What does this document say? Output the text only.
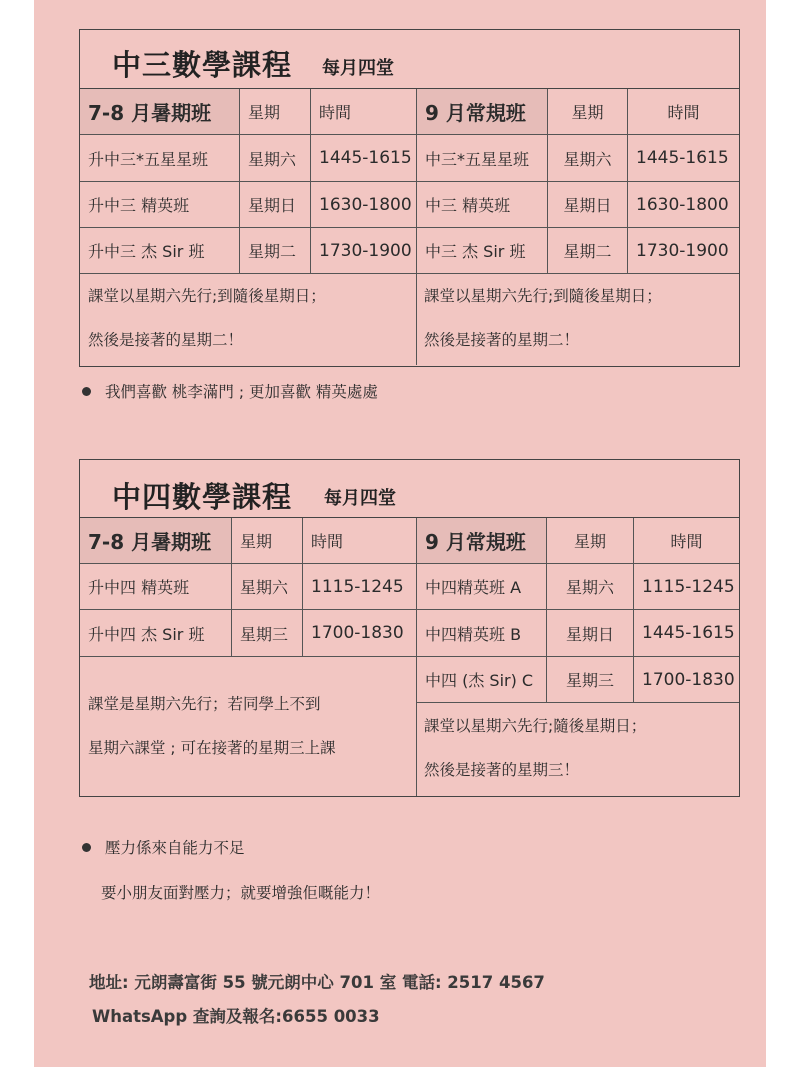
中三數學課程 每月四堂
7-8 月暑期班	星期	時間	9 月常規班	星期	時間
升中三*五星星班	星期六	1445-1615 中三*五星星班	星期六	1445-1615
升中三 精英班	星期日	1630-1800 中三 精英班	星期日	1630-1800
升中三 杰 Sir 班	星期二	1730-1900 中三 杰 Sir 班	星期二	1730-1900
課堂以星期六先行;到隨後星期日；
然後是接著的星期二！
課堂以星期六先行;到隨後星期日；
然後是接著的星期二！
我們喜歡 桃李滿門 ; 更加喜歡 精英處處
中四數學課程 每月四堂
7-8 月暑期班	星期	時間	9 月常規班	星期	時間
升中四 精英班	星期六	1115-1245	中四精英班 A	星期六	1115-1245
升中四 杰 Sir 班	星期三	1700-1830	中四精英班 B	星期日	1445-1615
中四 (杰 Sir) C	星期三	1700-1830
課堂是星期六先行；若同學上不到
星期六課堂 ; 可在接著的星期三上課
課堂以星期六先行;隨後星期日；
然後是接著的星期三！
壓力係來自能力不足
要小朋友面對壓力；就要增強佢嘅能力！
地址: 元朗壽富街 55 號元朗中心 701 室 電話: 2517 4567
WhatsApp 查詢及報名:6655 0033
